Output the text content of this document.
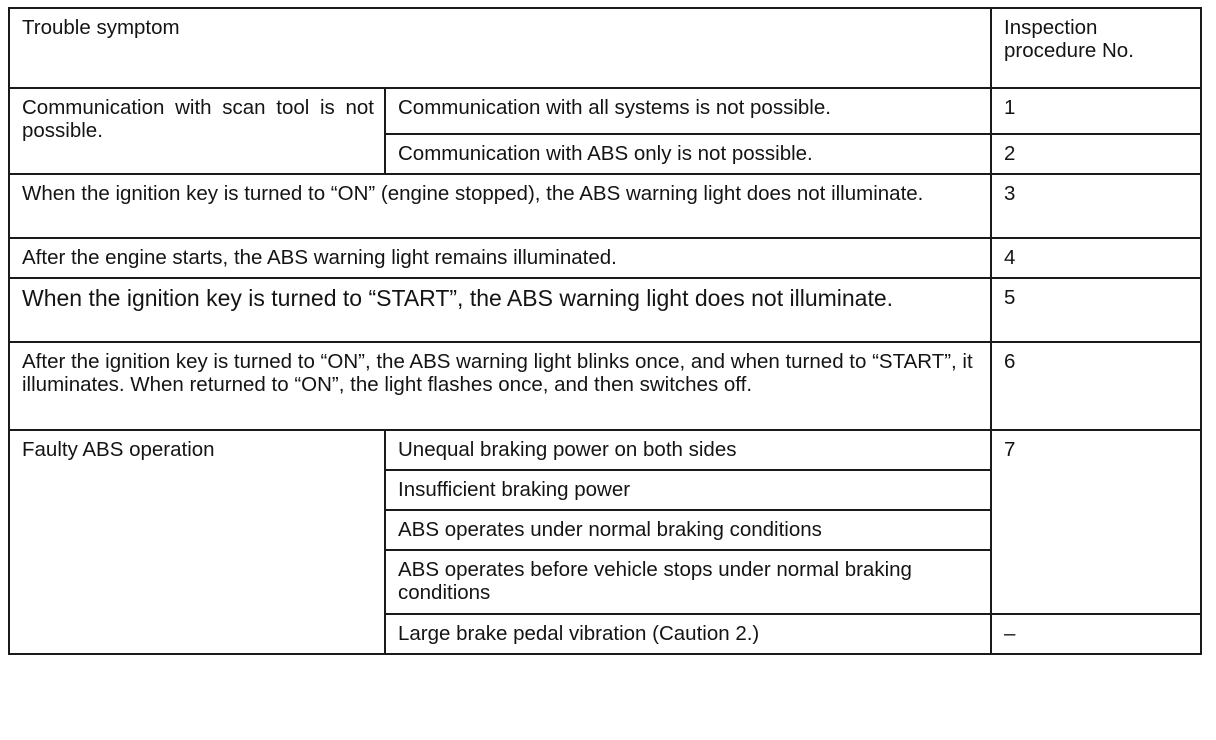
Trouble symptom		Inspection procedure No.
Communication with scan tool is not possible.	Communication with all systems is not possible.	1
	Communication with ABS only is not possible.	2
When the ignition key is turned to “ON” (engine stopped), the ABS warning light does not illuminate.		3
After the engine starts, the ABS warning light remains illuminated.		4
When the ignition key is turned to “START”, the ABS warning light does not illuminate.		5
After the ignition key is turned to “ON”, the ABS warning light blinks once, and when turned to “START”, it illuminates. When returned to “ON”, the light flashes once, and then switches off.		6
Faulty ABS operation	Unequal braking power on both sides	7
	Insufficient braking power	
	ABS operates under normal braking conditions	
	ABS operates before vehicle stops under normal braking conditions	
	Large brake pedal vibration (Caution 2.)	–
